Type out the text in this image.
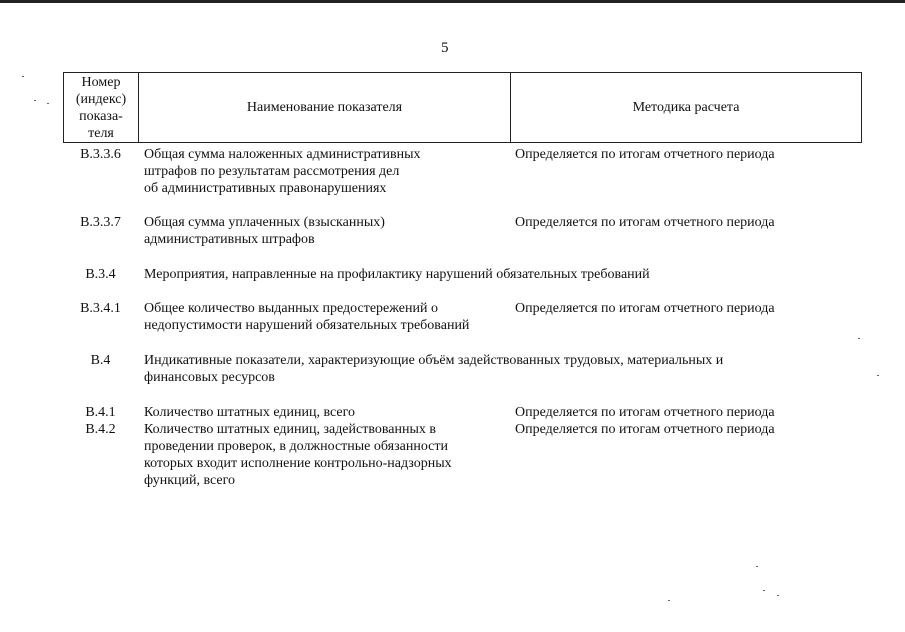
5
Номер
(индекс)
показа-
теля
Наименование показателя	Методика расчета
В.3.3.6	Общая сумма наложенных административных
штрафов по результатам рассмотрения дел
об административных правонарушениях
Определяется по итогам отчетного периода
В.3.3.7	Общая сумма уплаченных (взысканных)
административных штрафов
Определяется по итогам отчетного периода
В.3.4	Мероприятия, направленные на профилактику нарушений обязательных требований
В.3.4.1	Общее количество выданных предостережений о
недопустимости нарушений обязательных требований
Определяется по итогам отчетного периода
В.4	Индикативные показатели, характеризующие объём задействованных трудовых, материальных и
финансовых ресурсов
В.4.1	Количество штатных единиц, всего	Определяется по итогам отчетного периода
В.4.2	Количество штатных единиц, задействованных в
проведении проверок, в должностные обязанности
которых входит исполнение контрольно-надзорных
функций, всего
Определяется по итогам отчетного периода
